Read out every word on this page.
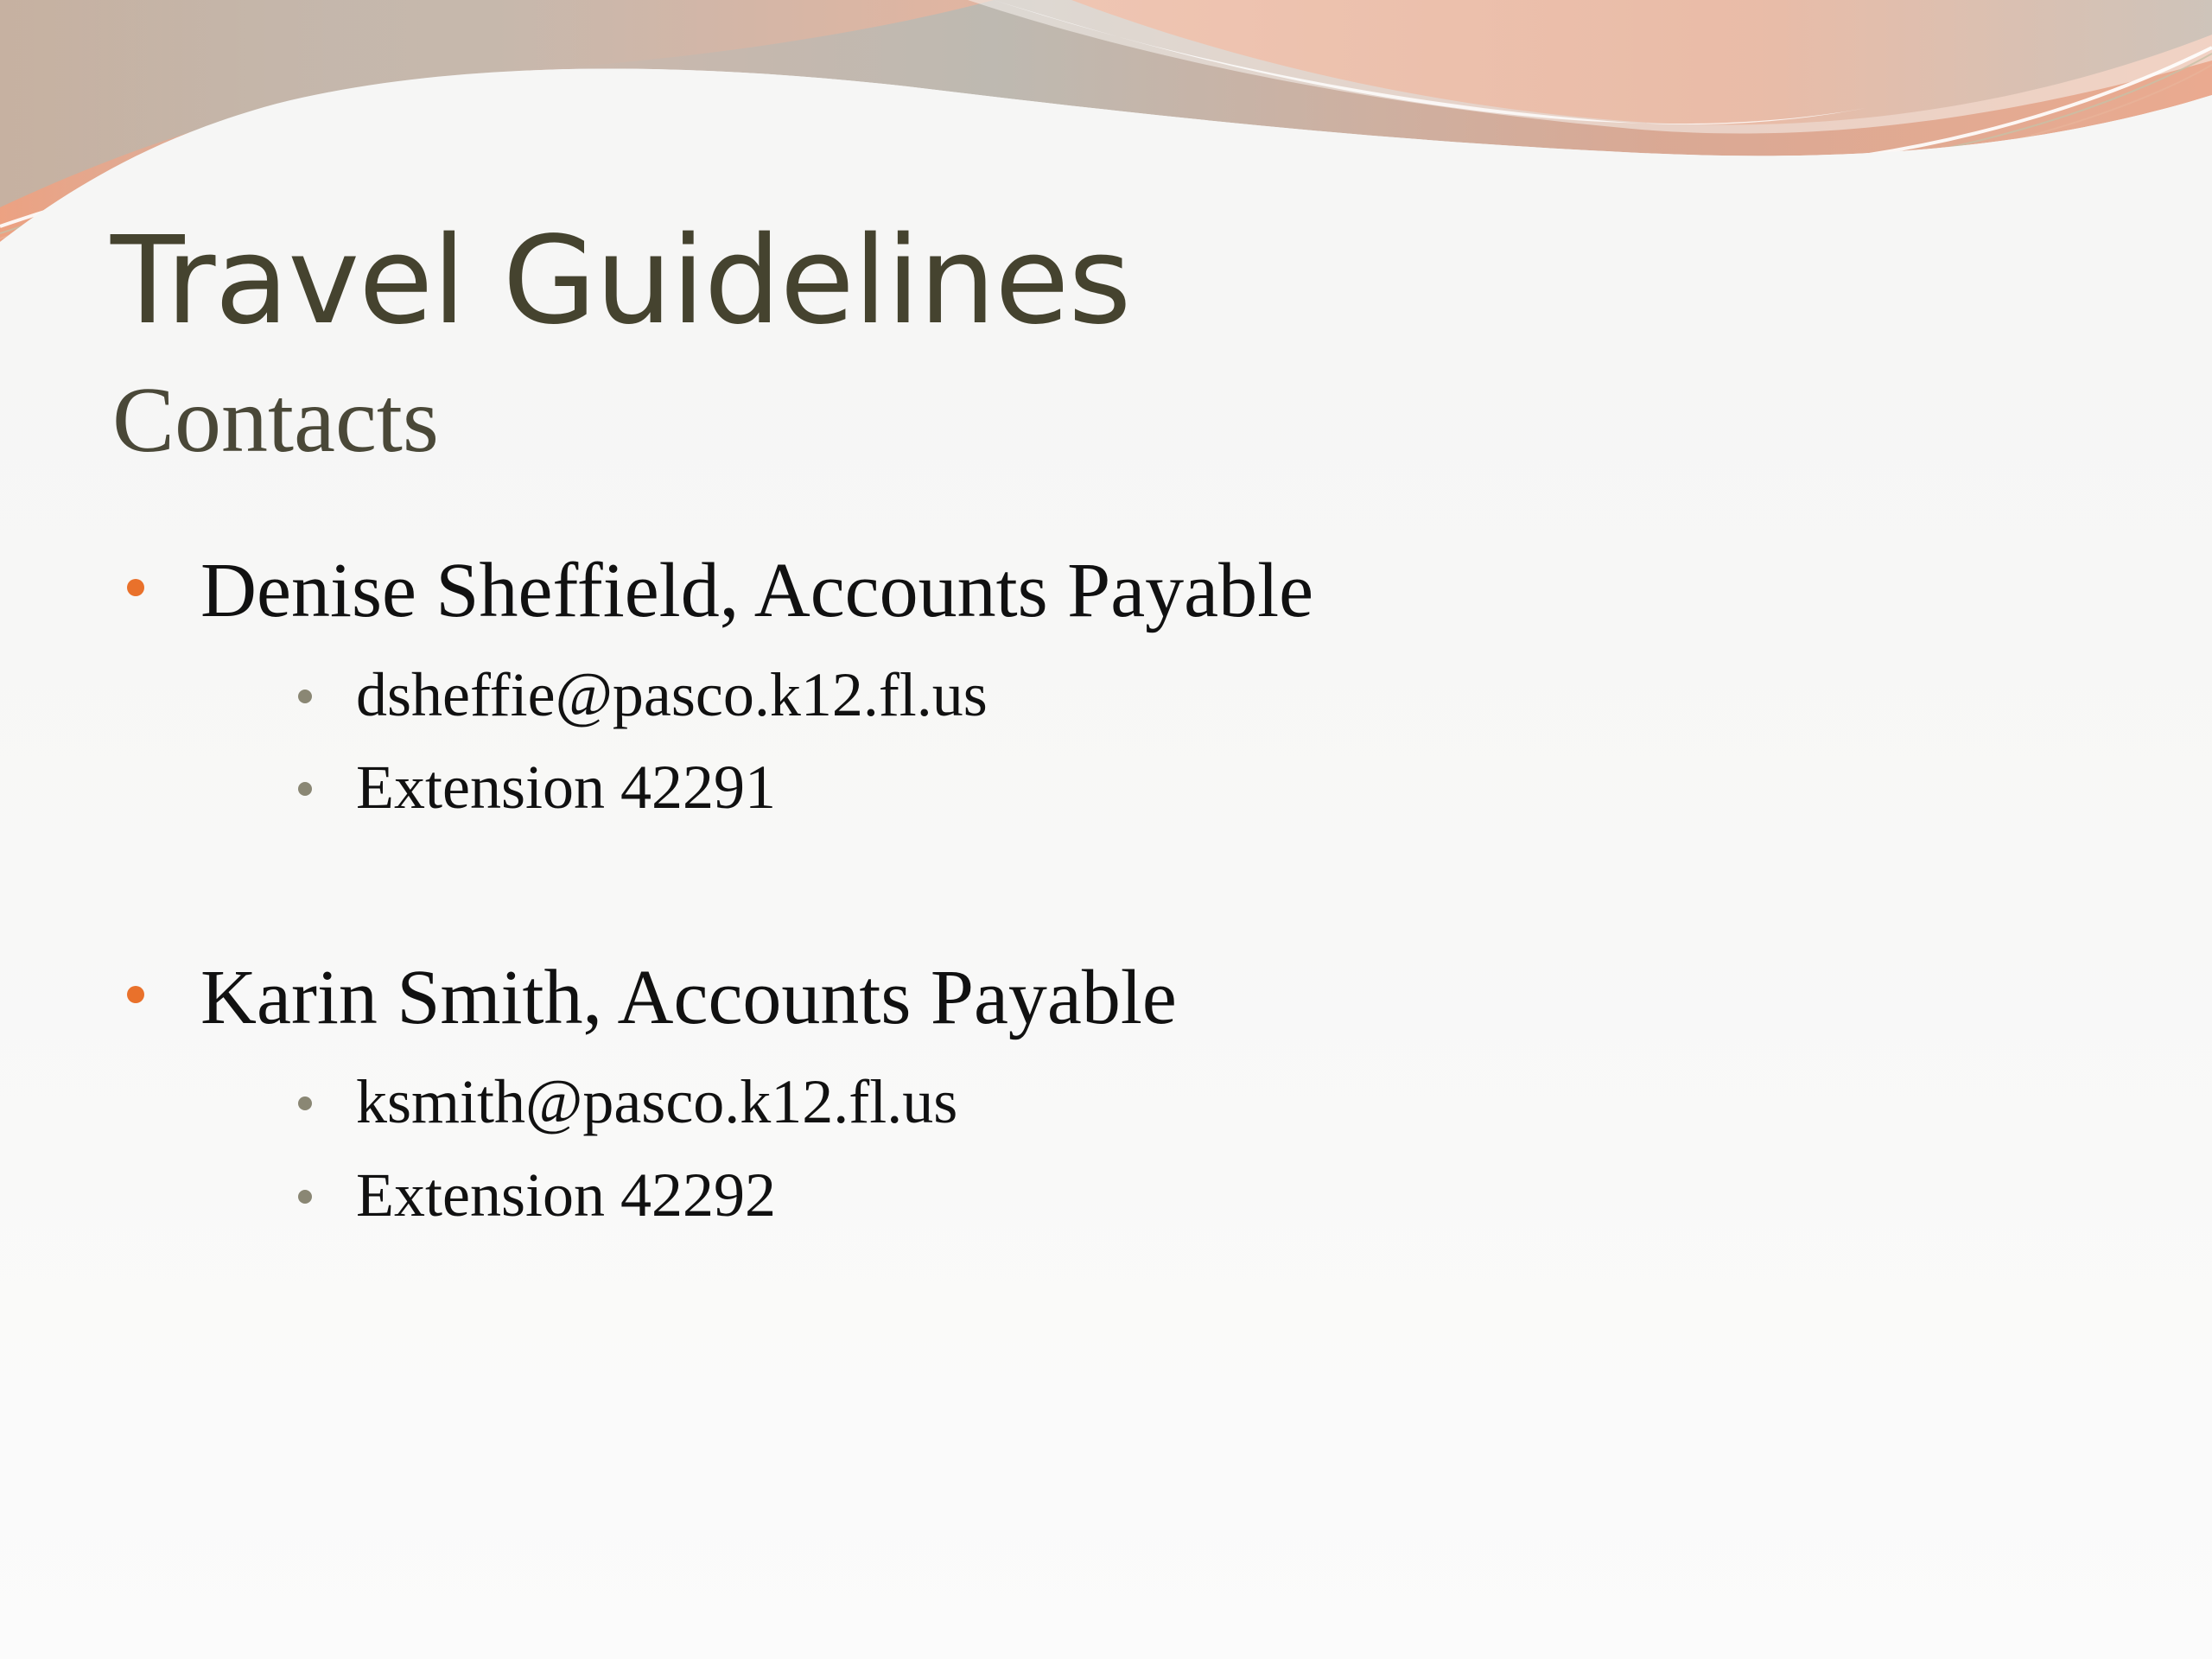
Travel Guidelines
Contacts
Denise Sheffield, Accounts Payable
dsheffie@pasco.k12.fl.us
Extension 42291
Karin Smith, Accounts Payable
ksmith@pasco.k12.fl.us
Extension 42292
